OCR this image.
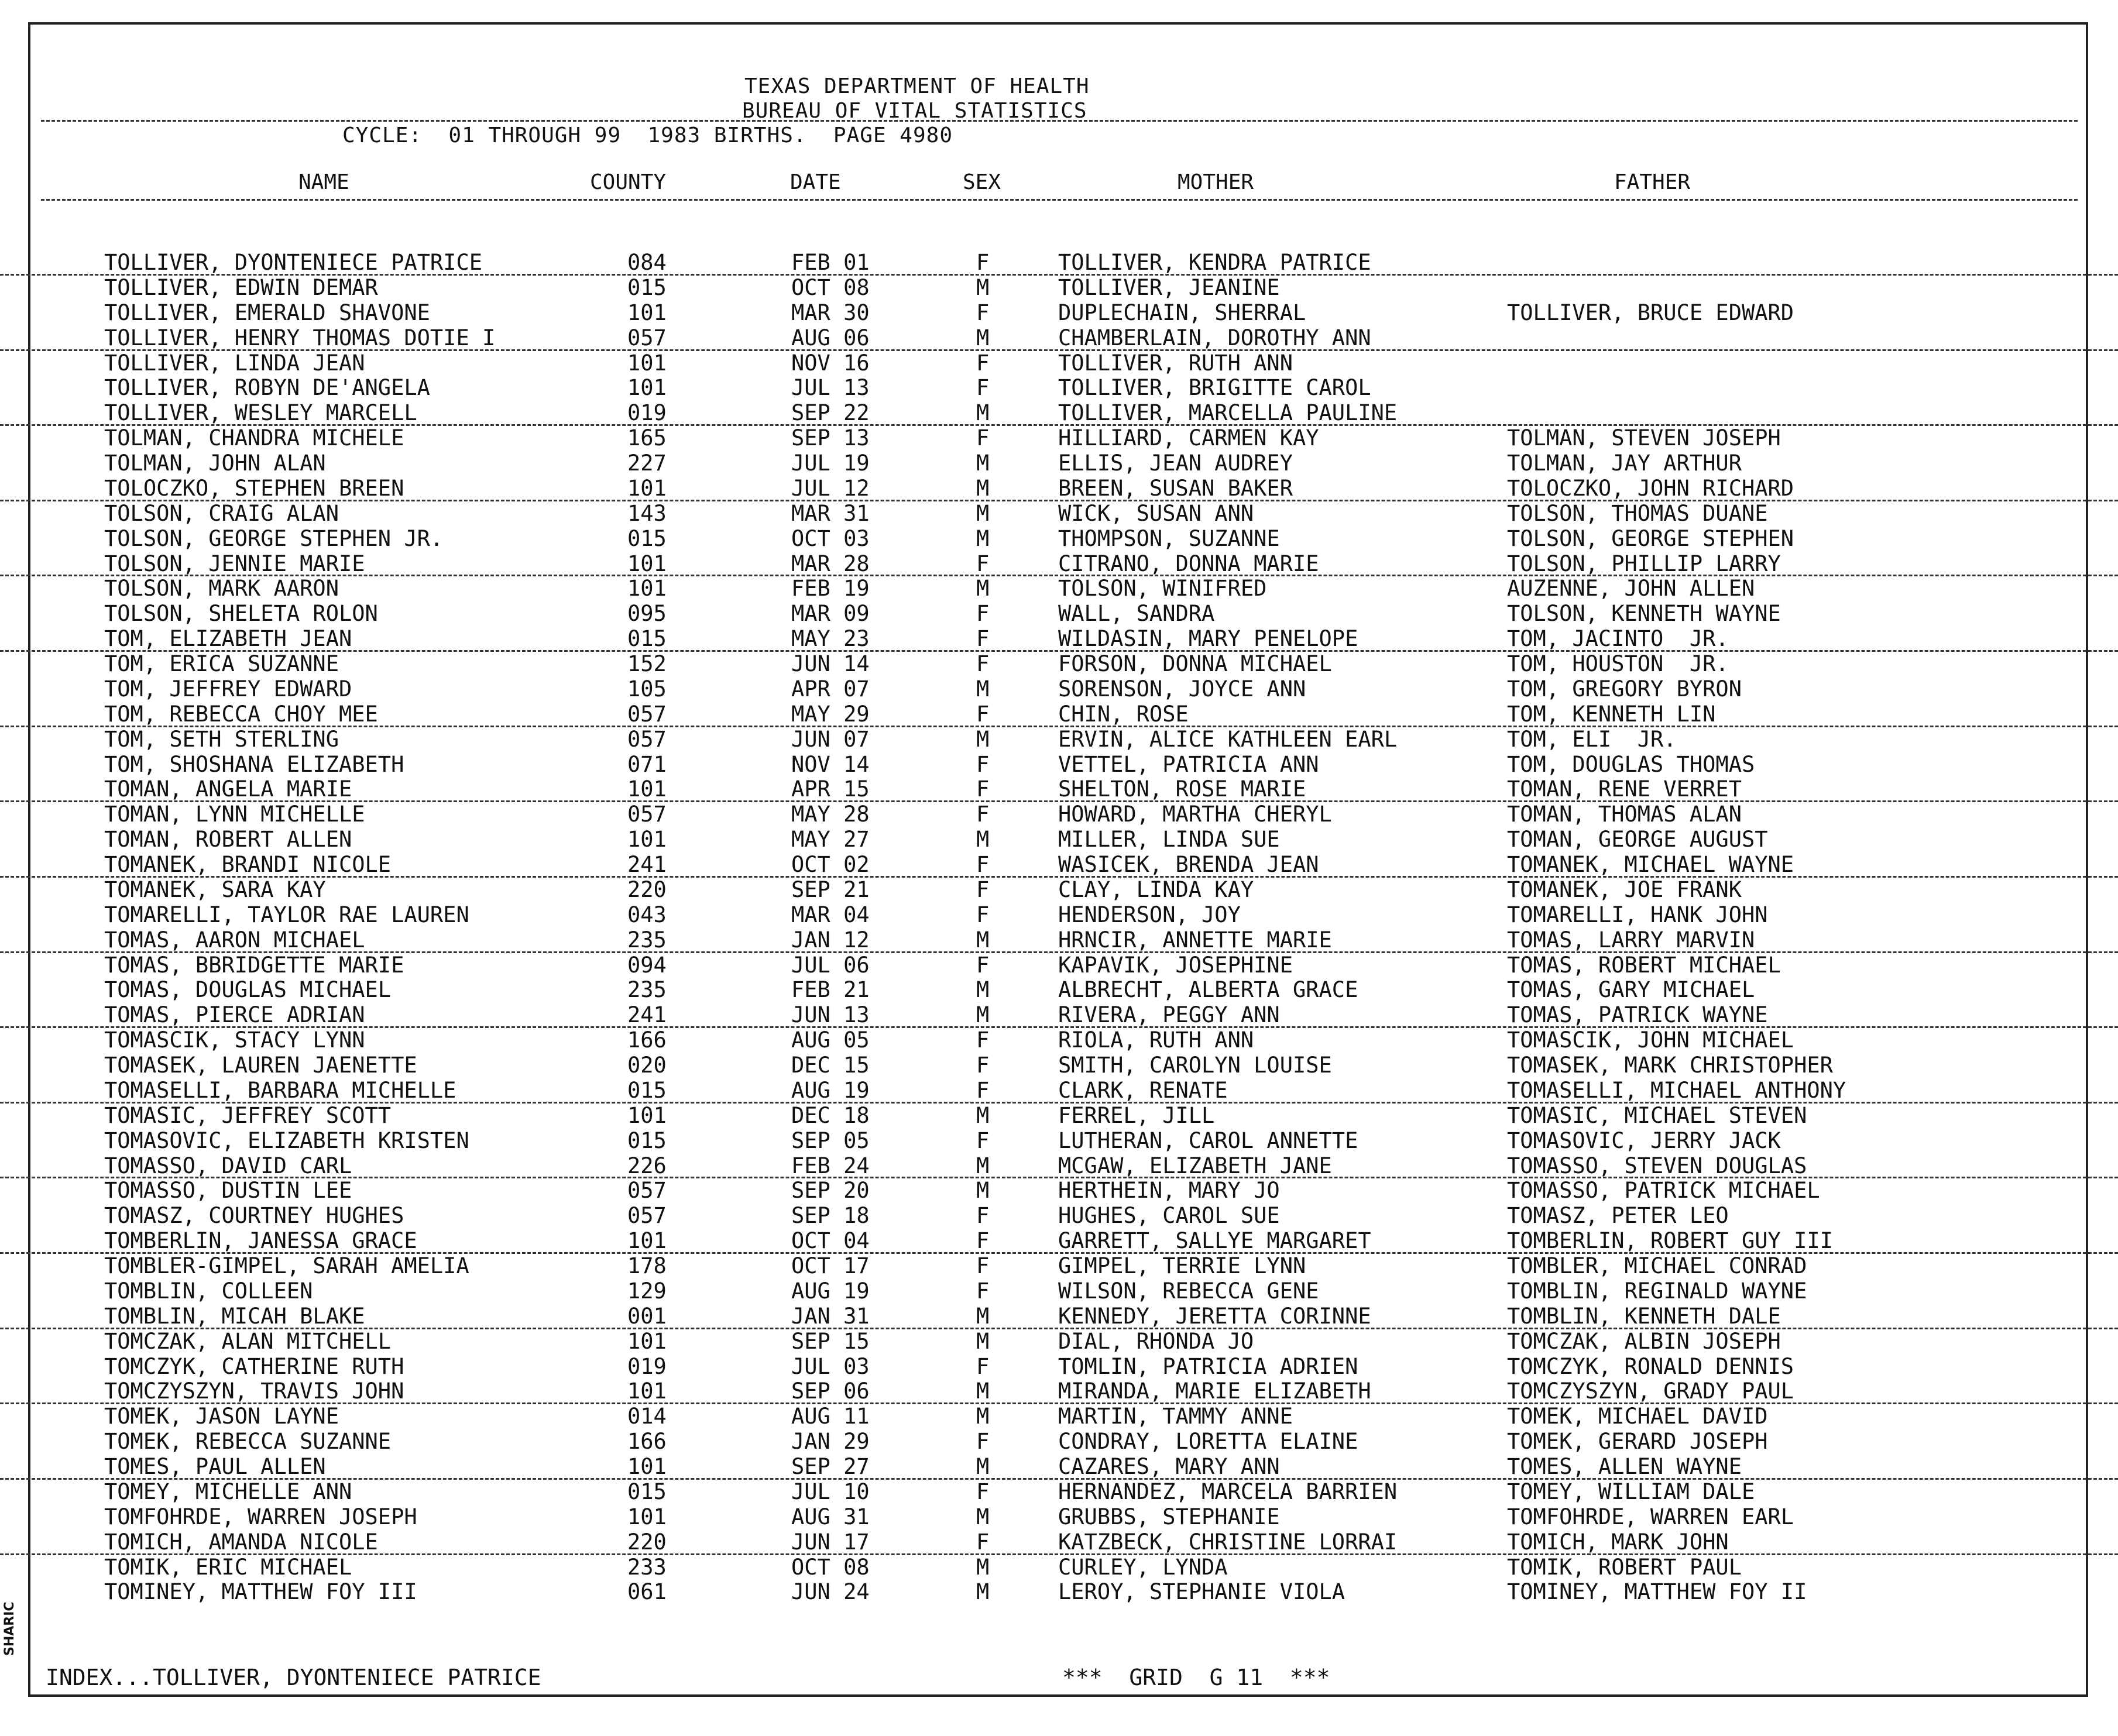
TEXAS DEPARTMENT OF HEALTH
BUREAU OF VITAL STATISTICS
CYCLE:  01 THROUGH 99  1983 BIRTHS.  PAGE 4980
NAME	COUNTY	DATE	SEX	MOTHER	FATHER
TOLLIVER, DYONTENIECE PATRICE	084	FEB 01	F	TOLLIVER, KENDRA PATRICE
TOLLIVER, EDWIN DEMAR	015	OCT 08	M	TOLLIVER, JEANINE
TOLLIVER, EMERALD SHAVONE	101	MAR 30	F	DUPLECHAIN, SHERRAL	TOLLIVER, BRUCE EDWARD
TOLLIVER, HENRY THOMAS DOTIE I	057	AUG 06	M	CHAMBERLAIN, DOROTHY ANN
TOLLIVER, LINDA JEAN	101	NOV 16	F	TOLLIVER, RUTH ANN
TOLLIVER, ROBYN DE'ANGELA	101	JUL 13	F	TOLLIVER, BRIGITTE CAROL
TOLLIVER, WESLEY MARCELL	019	SEP 22	M	TOLLIVER, MARCELLA PAULINE
TOLMAN, CHANDRA MICHELE	165	SEP 13	F	HILLIARD, CARMEN KAY	TOLMAN, STEVEN JOSEPH
TOLMAN, JOHN ALAN	227	JUL 19	M	ELLIS, JEAN AUDREY	TOLMAN, JAY ARTHUR
TOLOCZKO, STEPHEN BREEN	101	JUL 12	M	BREEN, SUSAN BAKER	TOLOCZKO, JOHN RICHARD
TOLSON, CRAIG ALAN	143	MAR 31	M	WICK, SUSAN ANN	TOLSON, THOMAS DUANE
TOLSON, GEORGE STEPHEN JR.	015	OCT 03	M	THOMPSON, SUZANNE	TOLSON, GEORGE STEPHEN
TOLSON, JENNIE MARIE	101	MAR 28	F	CITRANO, DONNA MARIE	TOLSON, PHILLIP LARRY
TOLSON, MARK AARON	101	FEB 19	M	TOLSON, WINIFRED	AUZENNE, JOHN ALLEN
TOLSON, SHELETA ROLON	095	MAR 09	F	WALL, SANDRA	TOLSON, KENNETH WAYNE
TOM, ELIZABETH JEAN	015	MAY 23	F	WILDASIN, MARY PENELOPE	TOM, JACINTO  JR.
TOM, ERICA SUZANNE	152	JUN 14	F	FORSON, DONNA MICHAEL	TOM, HOUSTON  JR.
TOM, JEFFREY EDWARD	105	APR 07	M	SORENSON, JOYCE ANN	TOM, GREGORY BYRON
TOM, REBECCA CHOY MEE	057	MAY 29	F	CHIN, ROSE	TOM, KENNETH LIN
TOM, SETH STERLING	057	JUN 07	M	ERVIN, ALICE KATHLEEN EARL	TOM, ELI  JR.
TOM, SHOSHANA ELIZABETH	071	NOV 14	F	VETTEL, PATRICIA ANN	TOM, DOUGLAS THOMAS
TOMAN, ANGELA MARIE	101	APR 15	F	SHELTON, ROSE MARIE	TOMAN, RENE VERRET
TOMAN, LYNN MICHELLE	057	MAY 28	F	HOWARD, MARTHA CHERYL	TOMAN, THOMAS ALAN
TOMAN, ROBERT ALLEN	101	MAY 27	M	MILLER, LINDA SUE	TOMAN, GEORGE AUGUST
TOMANEK, BRANDI NICOLE	241	OCT 02	F	WASICEK, BRENDA JEAN	TOMANEK, MICHAEL WAYNE
TOMANEK, SARA KAY	220	SEP 21	F	CLAY, LINDA KAY	TOMANEK, JOE FRANK
TOMARELLI, TAYLOR RAE LAUREN	043	MAR 04	F	HENDERSON, JOY	TOMARELLI, HANK JOHN
TOMAS, AARON MICHAEL	235	JAN 12	M	HRNCIR, ANNETTE MARIE	TOMAS, LARRY MARVIN
TOMAS, BBRIDGETTE MARIE	094	JUL 06	F	KAPAVIK, JOSEPHINE	TOMAS, ROBERT MICHAEL
TOMAS, DOUGLAS MICHAEL	235	FEB 21	M	ALBRECHT, ALBERTA GRACE	TOMAS, GARY MICHAEL
TOMAS, PIERCE ADRIAN	241	JUN 13	M	RIVERA, PEGGY ANN	TOMAS, PATRICK WAYNE
TOMASCIK, STACY LYNN	166	AUG 05	F	RIOLA, RUTH ANN	TOMASCIK, JOHN MICHAEL
TOMASEK, LAUREN JAENETTE	020	DEC 15	F	SMITH, CAROLYN LOUISE	TOMASEK, MARK CHRISTOPHER
TOMASELLI, BARBARA MICHELLE	015	AUG 19	F	CLARK, RENATE	TOMASELLI, MICHAEL ANTHONY
TOMASIC, JEFFREY SCOTT	101	DEC 18	M	FERREL, JILL	TOMASIC, MICHAEL STEVEN
TOMASOVIC, ELIZABETH KRISTEN	015	SEP 05	F	LUTHERAN, CAROL ANNETTE	TOMASOVIC, JERRY JACK
TOMASSO, DAVID CARL	226	FEB 24	M	MCGAW, ELIZABETH JANE	TOMASSO, STEVEN DOUGLAS
TOMASSO, DUSTIN LEE	057	SEP 20	M	HERTHEIN, MARY JO	TOMASSO, PATRICK MICHAEL
TOMASZ, COURTNEY HUGHES	057	SEP 18	F	HUGHES, CAROL SUE	TOMASZ, PETER LEO
TOMBERLIN, JANESSA GRACE	101	OCT 04	F	GARRETT, SALLYE MARGARET	TOMBERLIN, ROBERT GUY III
TOMBLER-GIMPEL, SARAH AMELIA	178	OCT 17	F	GIMPEL, TERRIE LYNN	TOMBLER, MICHAEL CONRAD
TOMBLIN, COLLEEN	129	AUG 19	F	WILSON, REBECCA GENE	TOMBLIN, REGINALD WAYNE
TOMBLIN, MICAH BLAKE	001	JAN 31	M	KENNEDY, JERETTA CORINNE	TOMBLIN, KENNETH DALE
TOMCZAK, ALAN MITCHELL	101	SEP 15	M	DIAL, RHONDA JO	TOMCZAK, ALBIN JOSEPH
TOMCZYK, CATHERINE RUTH	019	JUL 03	F	TOMLIN, PATRICIA ADRIEN	TOMCZYK, RONALD DENNIS
TOMCZYSZYN, TRAVIS JOHN	101	SEP 06	M	MIRANDA, MARIE ELIZABETH	TOMCZYSZYN, GRADY PAUL
TOMEK, JASON LAYNE	014	AUG 11	M	MARTIN, TAMMY ANNE	TOMEK, MICHAEL DAVID
TOMEK, REBECCA SUZANNE	166	JAN 29	F	CONDRAY, LORETTA ELAINE	TOMEK, GERARD JOSEPH
TOMES, PAUL ALLEN	101	SEP 27	M	CAZARES, MARY ANN	TOMES, ALLEN WAYNE
TOMEY, MICHELLE ANN	015	JUL 10	F	HERNANDEZ, MARCELA BARRIEN	TOMEY, WILLIAM DALE
TOMFOHRDE, WARREN JOSEPH	101	AUG 31	M	GRUBBS, STEPHANIE	TOMFOHRDE, WARREN EARL
TOMICH, AMANDA NICOLE	220	JUN 17	F	KATZBECK, CHRISTINE LORRAI	TOMICH, MARK JOHN
TOMIK, ERIC MICHAEL	233	OCT 08	M	CURLEY, LYNDA	TOMIK, ROBERT PAUL
TOMINEY, MATTHEW FOY III	061	JUN 24	M	LEROY, STEPHANIE VIOLA	TOMINEY, MATTHEW FOY II
INDEX...TOLLIVER, DYONTENIECE PATRICE	***  GRID  G 11  ***
SHARIC
